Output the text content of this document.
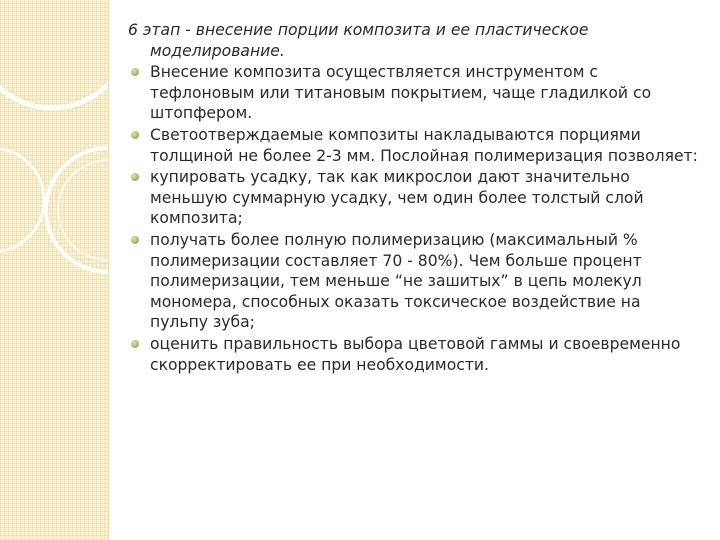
6 этап - внесение порции композита и ее пластическое моделирование.

Внесение композита осуществляется инструментом с тефлоновым или титановым покрытием, чаще гладилкой со штопфером.
Светоотверждаемые композиты накладываются порциями толщиной не более 2-3 мм. Послойная полимеризация позволяет:
купировать усадку, так как микрослои дают значительно меньшую суммарную усадку, чем один более толстый слой композита;
получать более полную полимеризацию (максимальный % полимеризации составляет 70 - 80%). Чем больше процент полимеризации, тем меньше “не зашитых” в цепь молекул мономера, способных оказать токсическое воздействие на пульпу зуба;
оценить правильность выбора цветовой гаммы и своевременно скорректировать ее при необходимости.
